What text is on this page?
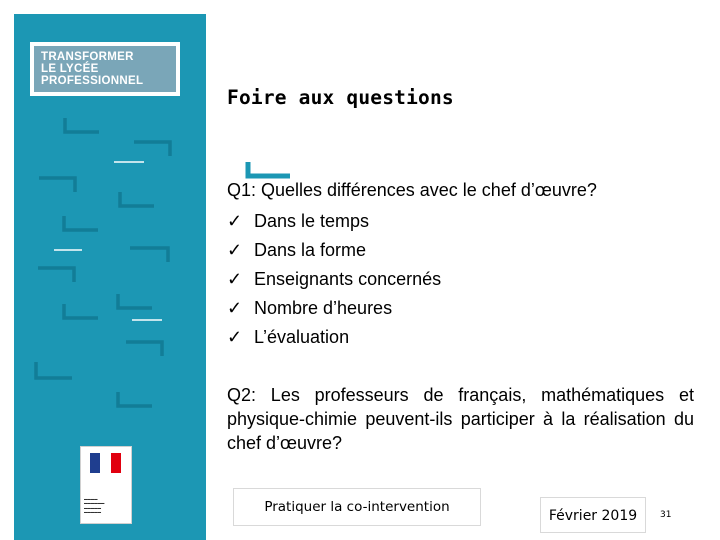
TRANSFORMER
LE LYCÉE
PROFESSIONNEL
▬▬▬▬
▬▬▬▬▬▬
▬▬▬▬▬
▬▬▬▬▬
Foire aux questions
Q1: Quelles différences avec le chef d’œuvre?
✓ Dans le temps
✓ Dans la forme
✓ Enseignants concernés
✓ Nombre d’heures
✓ L’évaluation
Q2: Les professeurs de français, mathématiques et physique-chimie peuvent-ils participer à la réalisation du chef d’œuvre?
Pratiquer la co-intervention
Février 2019	31
